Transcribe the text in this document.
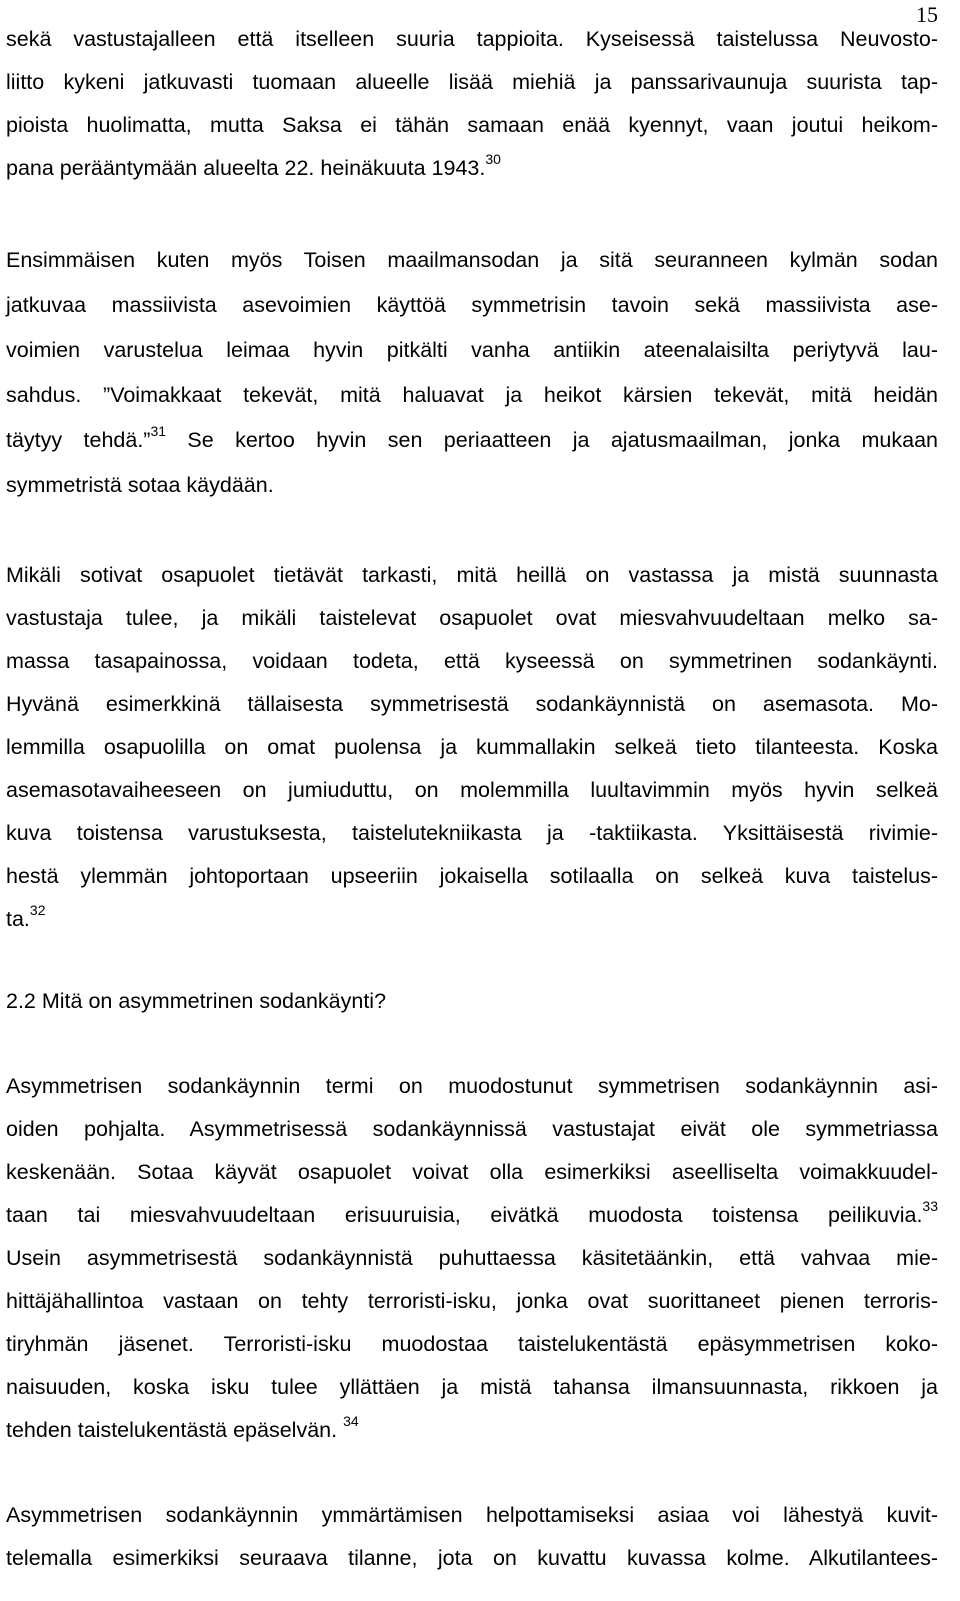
15
sekä vastustajalleen että itselleen suuria tappioita. Kyseisessä taistelussa Neuvosto-
liitto kykeni jatkuvasti tuomaan alueelle lisää miehiä ja panssarivaunuja suurista tap-
pioista huolimatta, mutta Saksa ei tähän samaan enää kyennyt, vaan joutui heikom-
pana perääntymään alueelta 22. heinäkuuta 1943.30
Ensimmäisen kuten myös Toisen maailmansodan ja sitä seuranneen kylmän sodan
jatkuvaa massiivista asevoimien käyttöä symmetrisin tavoin sekä massiivista ase-
voimien varustelua leimaa hyvin pitkälti vanha antiikin ateenalaisilta periytyvä lau-
sahdus. ”Voimakkaat tekevät, mitä haluavat ja heikot kärsien tekevät, mitä heidän
täytyy tehdä.”$^{31}$ Se kertoo hyvin sen periaatteen ja ajatusmaailman, jonka mukaan
symmetristä sotaa käydään.
Mikäli sotivat osapuolet tietävät tarkasti, mitä heillä on vastassa ja mistä suunnasta
vastustaja tulee, ja mikäli taistelevat osapuolet ovat miesvahvuudeltaan melko sa-
massa tasapainossa, voidaan todeta, että kyseessä on symmetrinen sodankäynti.
Hyvänä esimerkkinä tällaisesta symmetrisestä sodankäynnistä on asemasota. Mo-
lemmilla osapuolilla on omat puolensa ja kummallakin selkeä tieto tilanteesta. Koska
asemasotavaiheeseen on jumiuduttu, on molemmilla luultavimmin myös hyvin selkeä
kuva toistensa varustuksesta, taistelutekniikasta ja -taktiikasta. Yksittäisestä rivimie-
hestä ylemmän johtoportaan upseeriin jokaisella sotilaalla on selkeä kuva taistelus-
ta.$^{32}$
2.2 Mitä on asymmetrinen sodankäynti?
Asymmetrisen sodankäynnin termi on muodostunut symmetrisen sodankäynnin asi-
oiden pohjalta. Asymmetrisessä sodankäynnissä vastustajat eivät ole symmetriassa
keskenään. Sotaa käyvät osapuolet voivat olla esimerkiksi aseelliselta voimakkuudel-
taan tai miesvahvuudeltaan erisuuruisia, eivätkä muodosta toistensa peilikuvia.$^{33}$
Usein asymmetrisestä sodankäynnistä puhuttaessa käsitetäänkin, että vahvaa mie-
hittäjähallintoa vastaan on tehty terroristi-isku, jonka ovat suorittaneet pienen terroris-
tiryhmän jäsenet. Terroristi-isku muodostaa taistelukentästä epäsymmetrisen koko-
naisuuden, koska isku tulee yllättäen ja mistä tahansa ilmansuunnasta, rikkoen ja
tehden taistelukentästä epäselvän. $^{34}$
Asymmetrisen sodankäynnin ymmärtämisen helpottamiseksi asiaa voi lähestyä kuvit-
telemalla esimerkiksi seuraava tilanne, jota on kuvattu kuvassa kolme. Alkutilantees-
